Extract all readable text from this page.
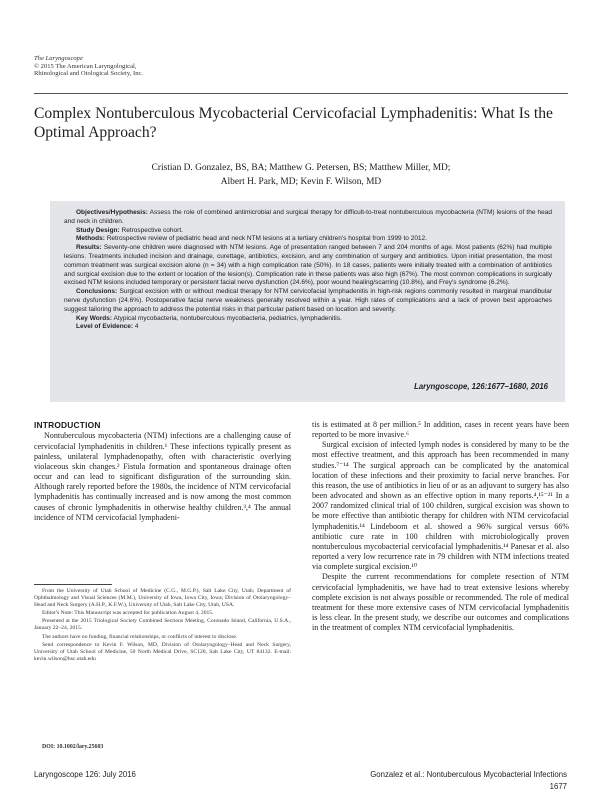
The Laryngoscope
© 2015 The American Laryngological,
Rhinological and Otological Society, Inc.
Complex Nontuberculous Mycobacterial Cervicofacial Lymphadenitis: What Is the Optimal Approach?
Cristian D. Gonzalez, BS, BA; Matthew G. Petersen, BS; Matthew Miller, MD;
Albert H. Park, MD; Kevin F. Wilson, MD

Objectives/Hypothesis: Assess the role of combined antimicrobial and surgical therapy for difficult-to-treat nontuberculous mycobacteria (NTM) lesions of the head and neck in children.

Study Design: Retrospective cohort.

Methods: Retrospective review of pediatric head and neck NTM lesions at a tertiary children's hospital from 1999 to 2012.

Results: Seventy-one children were diagnosed with NTM lesions. Age of presentation ranged between 7 and 204 months of age. Most patients (62%) had multiple lesions. Treatments included incision and drainage, curettage, antibiotics, excision, and any combination of surgery and antibiotics. Upon initial presentation, the most common treatment was surgical excision alone (n = 34) with a high complication rate (50%). In 18 cases, patients were initially treated with a combination of antibiotics and surgical excision due to the extent or location of the lesion(s). Complication rate in these patients was also high (67%). The most common complications in surgically excised NTM lesions included temporary or persistent facial nerve dysfunction (24.6%), poor wound healing/scarring (10.8%), and Frey's syndrome (6.2%).

Conclusions: Surgical excision with or without medical therapy for NTM cervicofacial lymphadenitis in high-risk regions commonly resulted in marginal mandibular nerve dysfunction (24.6%). Postoperative facial nerve weakness generally resolved within a year. High rates of complications and a lack of proven best approaches suggest tailoring the approach to address the potential risks in that particular patient based on location and severity.

Key Words: Atypical mycobacteria, nontuberculous mycobacteria, pediatrics, lymphadenitis.

Level of Evidence: 4

Laryngoscope, 126:1677–1680, 2016
INTRODUCTION

Nontuberculous mycobacteria (NTM) infections are a challenging cause of cervicofacial lymphadenitis in children.¹ These infections typically present as painless, unilateral lymphadenopathy, often with characteristic overlying violaceous skin changes.² Fistula formation and spontaneous drainage often occur and can lead to significant disfiguration of the surrounding skin. Although rarely reported before the 1980s, the incidence of NTM cervicofacial lymphadenitis has continually increased and is now among the most common causes of chronic lymphadenitis in otherwise healthy children.³,⁴ The annual incidence of NTM cervicofacial lymphadeni-

tis is estimated at 8 per million.⁵ In addition, cases in recent years have been reported to be more invasive.⁶

Surgical excision of infected lymph nodes is considered by many to be the most effective treatment, and this approach has been recommended in many studies.⁷⁻¹⁴ The surgical approach can be complicated by the anatomical location of these infections and their proximity to facial nerve branches. For this reason, the use of antibiotics in lieu of or as an adjuvant to surgery has also been advocated and shown as an effective option in many reports.⁴,¹⁵⁻²¹ In a 2007 randomized clinical trial of 100 children, surgical excision was shown to be more effective than antibiotic therapy for children with NTM cervicofacial lymphadenitis.¹⁴ Lindeboom et al. showed a 96% surgical versus 66% antibiotic cure rate in 100 children with microbiologically proven nontuberculous mycobacterial cervicofacial lymphadenitis.¹⁴ Panesar et al. also reported a very low recurrence rate in 79 children with NTM infections treated via complete surgical excision.¹⁰

Despite the current recommendations for complete resection of NTM cervicofacial lymphadenitis, we have had to treat extensive lesions whereby complete excision is not always possible or recommended. The role of medical treatment for these more extensive cases of NTM cervicofacial lymphadenitis is less clear. In the present study, we describe our outcomes and complications in the treatment of complex NTM cervicofacial lymphadenitis.

From the University of Utah School of Medicine (C.G., M.G.P.), Salt Lake City, Utah; Department of Ophthalmology and Visual Sciences (M.M.), University of Iowa, Iowa City, Iowa; Division of Otolaryngology–Head and Neck Surgery (A.H.P., K.F.W.), University of Utah, Salt Lake City, Utah, USA.

Editor's Note: This Manuscript was accepted for publication August 4, 2015.

Presented at the 2015 Triological Society Combined Sections Meeting, Coronado Island, California, U.S.A., January 22–24, 2015.

The authors have no funding, financial relationships, or conflicts of interest to disclose.

Send correspondence to Kevin F. Wilson, MD, Division of Otolaryngology–Head and Neck Surgery, University of Utah School of Medicine, 50 North Medical Drive, SC120, Salt Lake City, UT 84132. E-mail: kevin.wilson@hsc.utah.edu

DOI: 10.1002/lary.25603
Laryngoscope 126: July 2016	Gonzalez et al.: Nontuberculous Mycobacterial Infections
1677
